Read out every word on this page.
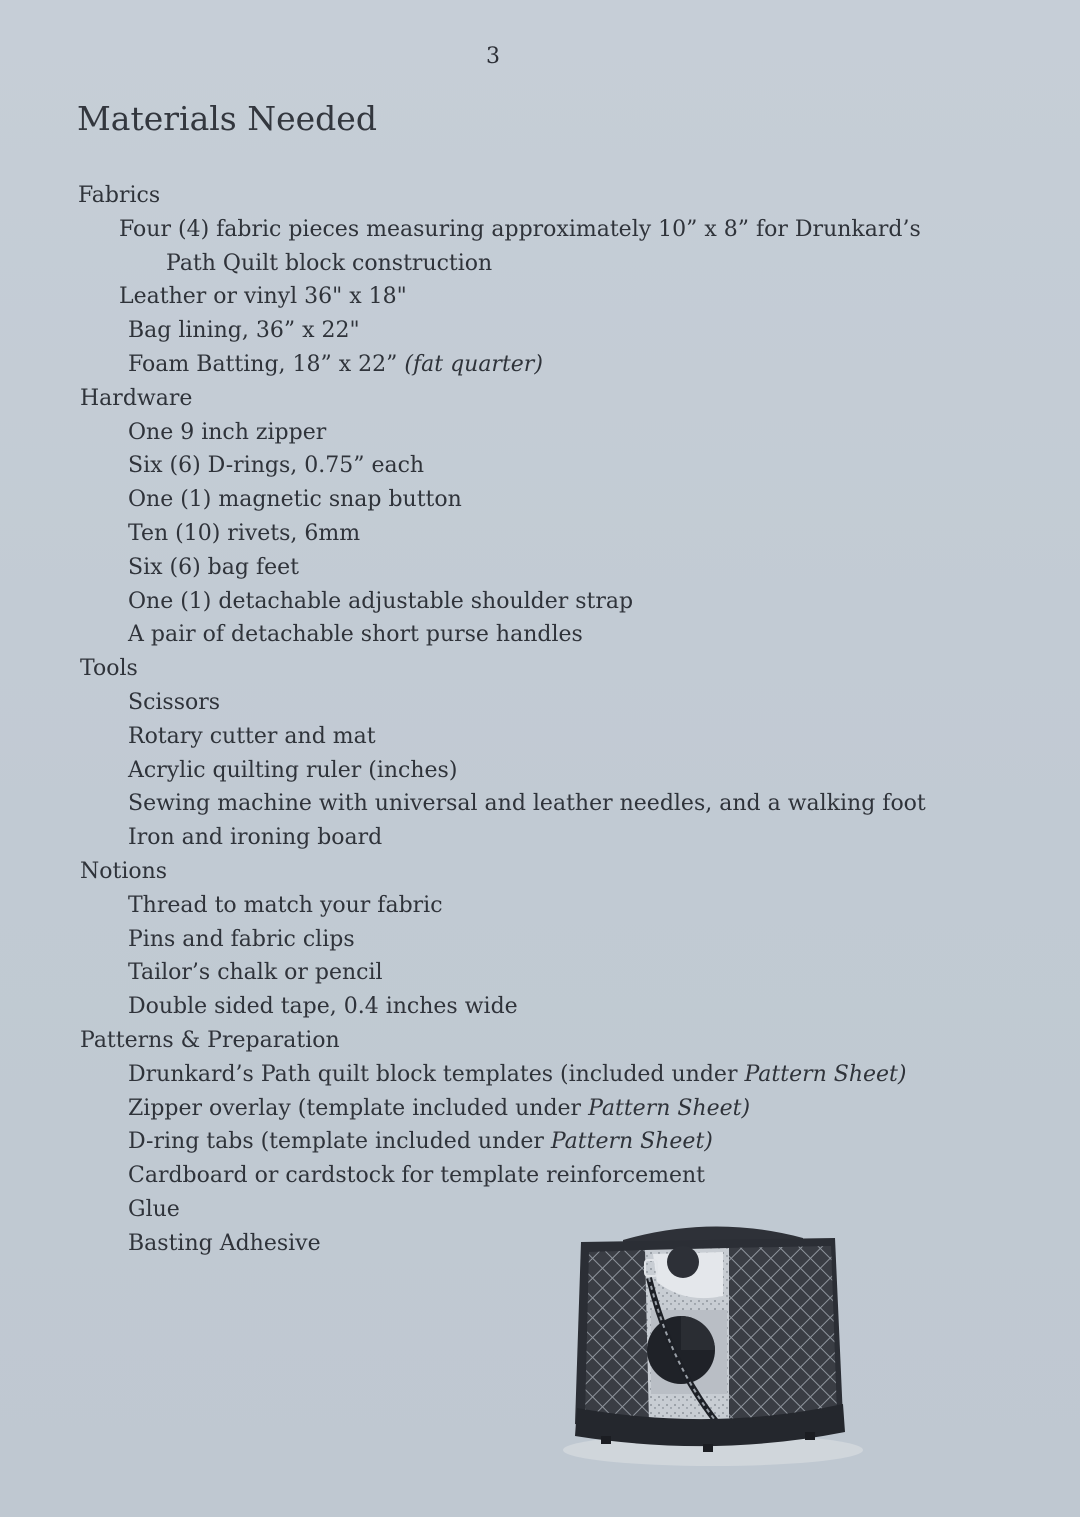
3
Materials Needed
Fabrics
Four (4) fabric pieces measuring approximately 10” x 8” for Drunkard’s
Path Quilt block construction
Leather or vinyl 36" x 18"
Bag lining, 36” x 22"
Foam Batting, 18” x 22” (fat quarter)
Hardware
One 9 inch zipper
Six (6) D-rings, 0.75” each
One (1) magnetic snap button
Ten (10) rivets, 6mm
Six (6) bag feet
One (1) detachable adjustable shoulder strap
A pair of detachable short purse handles
Tools
Scissors
Rotary cutter and mat
Acrylic quilting ruler (inches)
Sewing machine with universal and leather needles, and a walking foot
Iron and ironing board
Notions
Thread to match your fabric
Pins and fabric clips
Tailor’s chalk or pencil
Double sided tape, 0.4 inches wide
Patterns & Preparation
Drunkard’s Path quilt block templates (included under Pattern Sheet)
Zipper overlay (template included under Pattern Sheet)
D-ring tabs (template included under Pattern Sheet)
Cardboard or cardstock for template reinforcement
Glue
Basting Adhesive
